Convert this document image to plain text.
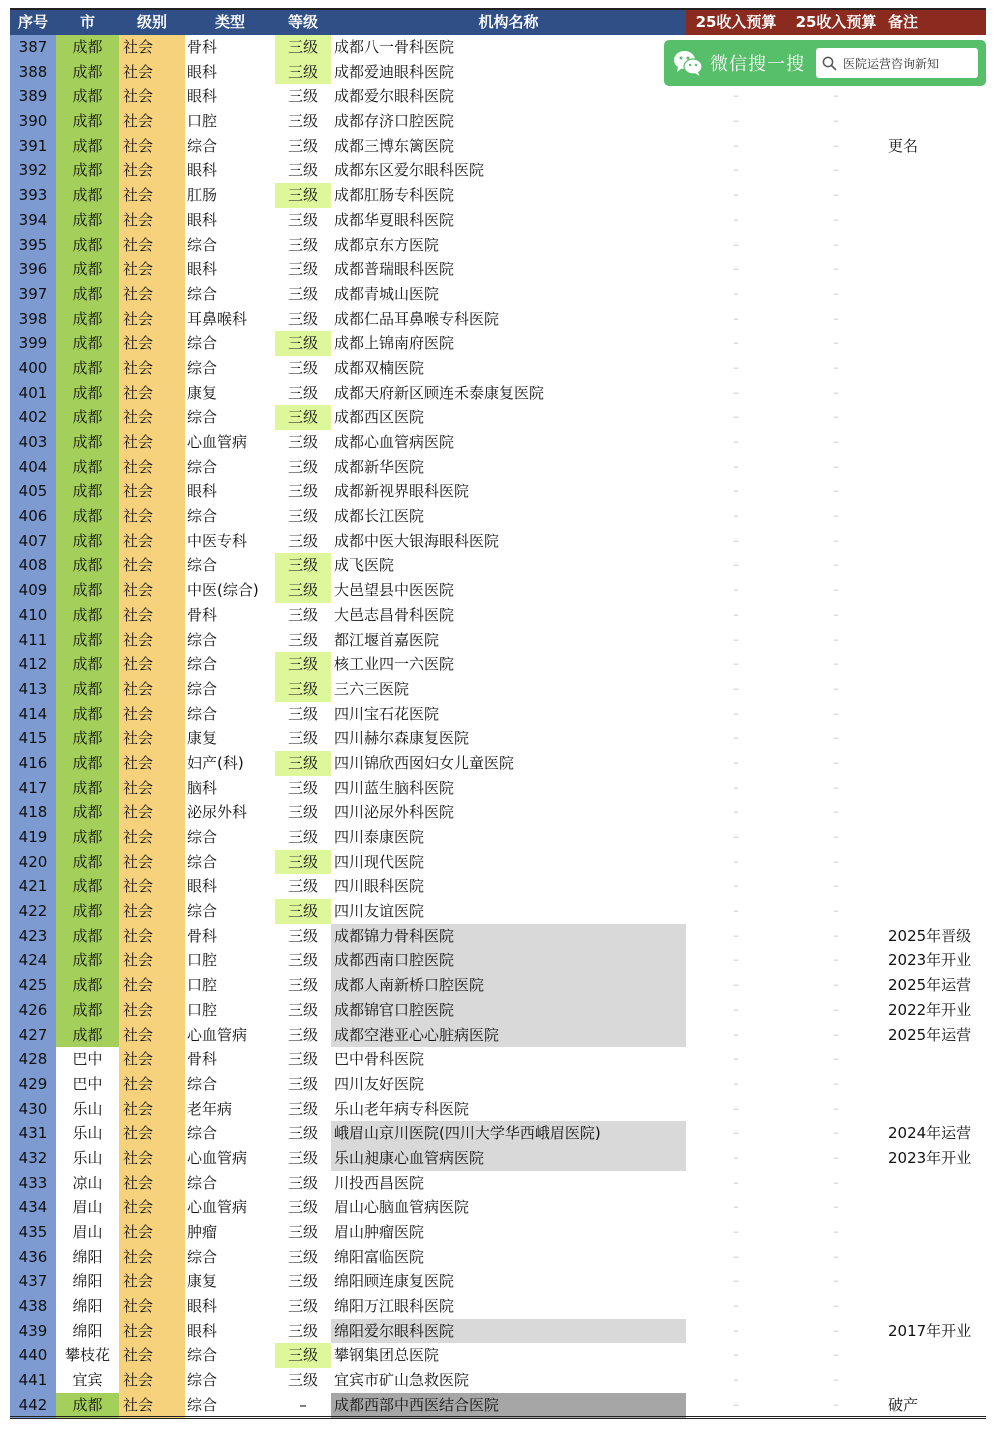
序号	市	级别	类型	等级	机构名称	25收入预算	25收入预算 备注
387	成都	社会	骨科	三级	成都八一骨科医院
388	成都	社会	眼科	三级	成都爱迪眼科医院
389	成都	社会	眼科	三级	成都爱尔眼科医院	–	–
390	成都	社会	口腔	三级	成都存济口腔医院	–	–
391	成都	社会	综合	三级	成都三博东篱医院	–	–	更名
392	成都	社会	眼科	三级	成都东区爱尔眼科医院	–	–
393	成都	社会	肛肠	三级	成都肛肠专科医院	–	–
394	成都	社会	眼科	三级	成都华夏眼科医院	–	–
395	成都	社会	综合	三级	成都京东方医院	–	–
396	成都	社会	眼科	三级	成都普瑞眼科医院	–	–
397	成都	社会	综合	三级	成都青城山医院	–	–
398	成都	社会	耳鼻喉科	三级	成都仁品耳鼻喉专科医院	–	–
399	成都	社会	综合	三级	成都上锦南府医院	–	–
400	成都	社会	综合	三级	成都双楠医院	–	–
401	成都	社会	康复	三级	成都天府新区顾连禾泰康复医院	–	–
402	成都	社会	综合	三级	成都西区医院	–	–
403	成都	社会	心血管病	三级	成都心血管病医院	–	–
404	成都	社会	综合	三级	成都新华医院	–	–
405	成都	社会	眼科	三级	成都新视界眼科医院	–	–
406	成都	社会	综合	三级	成都长江医院	–	–
407	成都	社会	中医专科	三级	成都中医大银海眼科医院	–	–
408	成都	社会	综合	三级	成飞医院	–	–
409	成都	社会	中医(综合)	三级	大邑望县中医医院	–	–
410	成都	社会	骨科	三级	大邑志昌骨科医院	–	–
411	成都	社会	综合	三级	都江堰首嘉医院	–	–
412	成都	社会	综合	三级	核工业四一六医院	–	–
413	成都	社会	综合	三级	三六三医院	–	–
414	成都	社会	综合	三级	四川宝石花医院	–	–
415	成都	社会	康复	三级	四川赫尔森康复医院	–	–
416	成都	社会	妇产(科)	三级	四川锦欣西囡妇女儿童医院	–	–
417	成都	社会	脑科	三级	四川蓝生脑科医院	–	–
418	成都	社会	泌尿外科	三级	四川泌尿外科医院	–	–
419	成都	社会	综合	三级	四川泰康医院	–	–
420	成都	社会	综合	三级	四川现代医院	–	–
421	成都	社会	眼科	三级	四川眼科医院	–	–
422	成都	社会	综合	三级	四川友谊医院	–	–
423	成都	社会	骨科	三级	成都锦力骨科医院	–	–	2025年晋级
424	成都	社会	口腔	三级	成都西南口腔医院	–	–	2023年开业
425	成都	社会	口腔	三级	成都人南新桥口腔医院	–	–	2025年运营
426	成都	社会	口腔	三级	成都锦官口腔医院	–	–	2022年开业
427	成都	社会	心血管病	三级	成都空港亚心心脏病医院	–	–	2025年运营
428	巴中	社会	骨科	三级	巴中骨科医院	–	–
429	巴中	社会	综合	三级	四川友好医院	–	–
430	乐山	社会	老年病	三级	乐山老年病专科医院	–	–
431	乐山	社会	综合	三级	峨眉山京川医院(四川大学华西峨眉医院)	–	–	2024年运营
432	乐山	社会	心血管病	三级	乐山昶康心血管病医院	–	–	2023年开业
433	凉山	社会	综合	三级	川投西昌医院	–	–
434	眉山	社会	心血管病	三级	眉山心脑血管病医院	–	–
435	眉山	社会	肿瘤	三级	眉山肿瘤医院	–	–
436	绵阳	社会	综合	三级	绵阳富临医院	–	–
437	绵阳	社会	康复	三级	绵阳顾连康复医院	–	–
438	绵阳	社会	眼科	三级	绵阳万江眼科医院	–	–
439	绵阳	社会	眼科	三级	绵阳爱尔眼科医院	–	–	2017年开业
440	攀枝花 社会	综合	三级	攀钢集团总医院	–	–
441	宜宾	社会	综合	三级	宜宾市矿山急救医院	–	–
442	成都	社会	综合	–	成都西部中西医结合医院	–	–	破产
微信搜一搜	医院运营咨询新知
